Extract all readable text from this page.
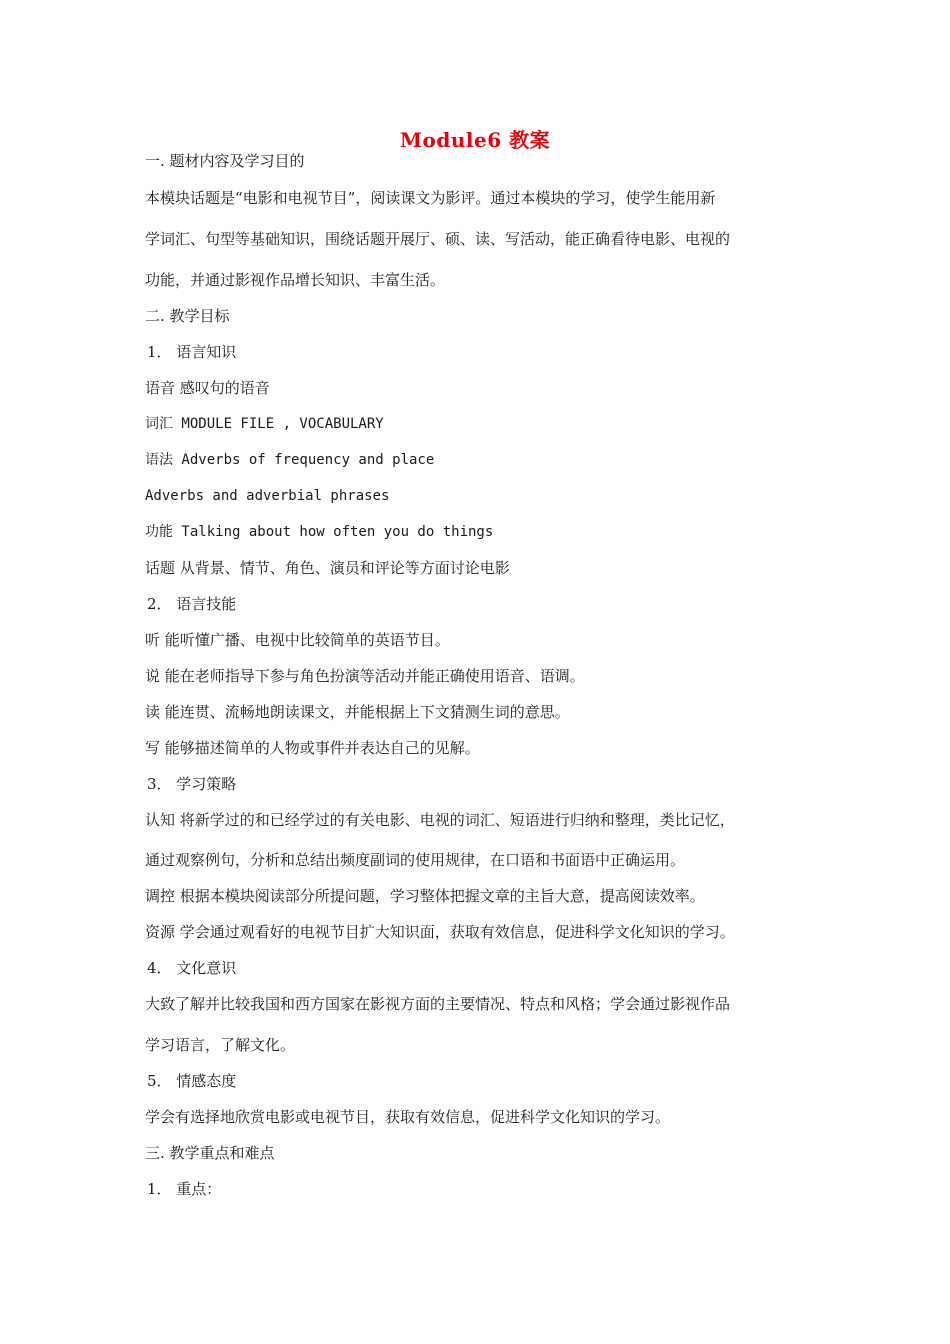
Module6 教案
一. 题材内容及学习目的
本模块话题是“电影和电视节目”，阅读课文为影评。通过本模块的学习，使学生能用新
学词汇、句型等基础知识，围绕话题开展厅、硕、读、写活动，能正确看待电影、电视的
功能，并通过影视作品增长知识、丰富生活。
二. 教学目标
1． 语言知识
语音 感叹句的语音
词汇 MODULE FILE , VOCABULARY
语法 Adverbs of frequency and place
Adverbs and adverbial phrases
功能 Talking about how often you do things
话题 从背景、情节、角色、演员和评论等方面讨论电影
2． 语言技能
听 能听懂广播、电视中比较简单的英语节目。
说 能在老师指导下参与角色扮演等活动并能正确使用语音、语调。
读 能连贯、流畅地朗读课文，并能根据上下文猜测生词的意思。
写 能够描述简单的人物或事件并表达自己的见解。
3． 学习策略
认知 将新学过的和已经学过的有关电影、电视的词汇、短语进行归纳和整理，类比记忆，
通过观察例句，分析和总结出频度副词的使用规律，在口语和书面语中正确运用。
调控 根据本模块阅读部分所提问题，学习整体把握文章的主旨大意，提高阅读效率。
资源 学会通过观看好的电视节目扩大知识面，获取有效信息，促进科学文化知识的学习。
4． 文化意识
大致了解并比较我国和西方国家在影视方面的主要情况、特点和风格；学会通过影视作品
学习语言，了解文化。
5． 情感态度
学会有选择地欣赏电影或电视节目，获取有效信息，促进科学文化知识的学习。
三. 教学重点和难点
1． 重点：
